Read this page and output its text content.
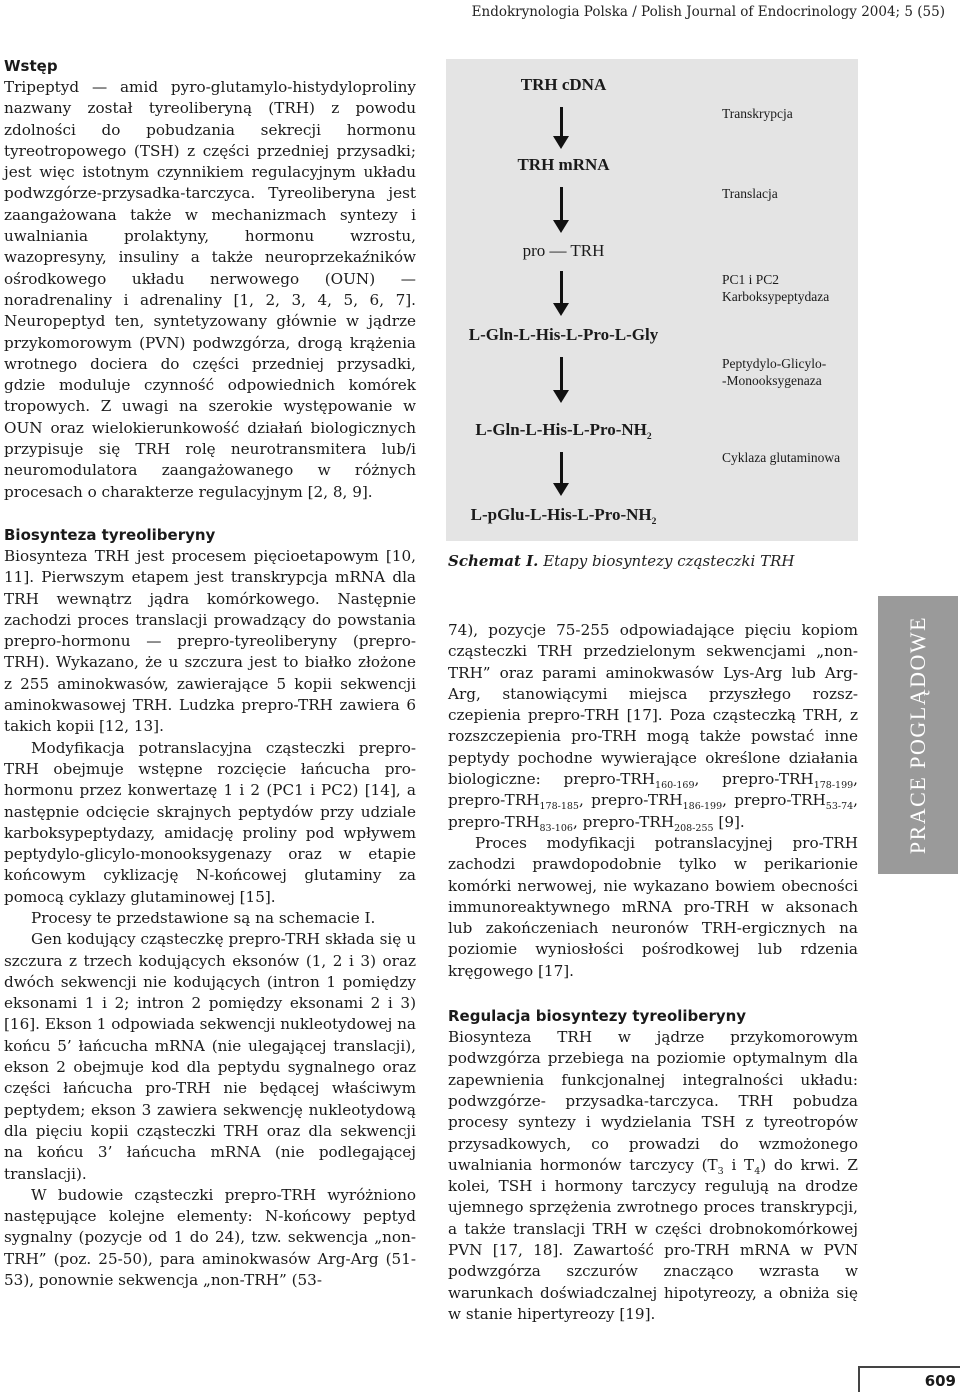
Endokrynologia Polska / Polish Journal of Endocrinology 2004; 5 (55)
Wstęp

Tripeptyd — amid pyro-glutamylo-histydyloproliny nazwany został tyreoliberyną (TRH) z powodu zdolności do pobudzania sekrecji hormonu tyreotropowego (TSH) z części przedniej przysadki; jest więc istotnym czynnikiem regulacyjnym układu podwzgórze-przysadka-tarczyca. Tyreoliberyna jest zaangażowana także w mechanizmach syntezy i uwalniania prolaktyny, hormonu wzrostu, wazopresyny, insuliny a także neuroprzekaźników ośrodkowego układu nerwowego (OUN) — noradrenaliny i adrenaliny [1, 2, 3, 4, 5, 6, 7]. Neuropeptyd ten, syntetyzowany głównie w jądrze przykomorowym (PVN) podwzgórza, drogą krążenia wrotnego dociera do części przedniej przysadki, gdzie moduluje czynność odpowiednich komórek tropowych. Z uwagi na szerokie występowanie w OUN oraz wielokierunkowość działań biologicznych przypisuje się TRH rolę neurotransmitera lub/i neuromodulatora zaangażowanego w różnych procesach o charakterze regulacyjnym [2, 8, 9].

Biosynteza tyreoliberyny

Biosynteza TRH jest procesem pięcioetapowym [10, 11]. Pierwszym etapem jest transkrypcja mRNA dla TRH wewnątrz jądra komórkowego. Następnie zachodzi proces translacji prowadzący do powstania prepro-hormonu — prepro-tyreoliberyny (prepro-TRH). Wykazano, że u szczura jest to białko złożone z 255 aminokwasów, zawierające 5 kopii sekwencji aminokwasowej TRH. Ludzka prepro-TRH zawiera 6 takich kopii [12, 13].

Modyfikacja potranslacyjna cząsteczki prepro-TRH obejmuje wstępne rozcięcie łańcucha prohormonu przez konwertazę 1 i 2 (PC1 i PC2) [14], a następnie odcięcie skrajnych peptydów przy udziale karboksypeptydazy, amidację proliny pod wpływem peptydylo-glicylo-monooksygenazy oraz w etapie końcowym cyklizację N-końcowej glutaminy za pomocą cyklazy glutaminowej [15].

Procesy te przedstawione są na schemacie I.

Gen kodujący cząsteczkę prepro-TRH składa się u szczura z trzech kodujących eksonów (1, 2 i 3) oraz dwóch sekwencji nie kodujących (intron 1 pomiędzy eksonami 1 i 2; intron 2 pomiędzy eksonami 2 i 3) [16]. Ekson 1 odpowiada sekwencji nukleotydowej na końcu 5’ łańcucha mRNA (nie ulegającej translacji), ekson 2 obejmuje kod dla peptydu sygnalnego oraz części łańcucha pro-TRH nie będącej właściwym peptydem; ekson 3 zawiera sekwencję nukleotydową dla pięciu kopii cząsteczki TRH oraz dla sekwencji na końcu 3’ łańcucha mRNA (nie podlegającej translacji).

W budowie cząsteczki prepro-TRH wyróżniono następujące kolejne elementy: N-końcowy peptyd sygnalny (pozycje od 1 do 24), tzw. sekwencja „non-TRH” (poz. 25-50), para aminokwasów Arg-Arg (51-53), ponownie sekwencja „non-TRH” (53-

TRH cDNA
TRH mRNA
pro — TRH
L-Gln-L-His-L-Pro-L-Gly
$L-Gln-L-His-L-Pro-NH_2$
$L-pGlu-L-His-L-Pro-NH_2$
Transkrypcja
Translacja
PC1 i PC2
Karboksypeptydaza
Peptydylo-Glicylo-
-Monooksygenaza
Cyklaza glutaminowa
Schemat I. Etapy biosyntezy cząsteczki TRH

74), pozycje 75-255 odpowiadające pięciu kopiom cząsteczki TRH przedzielonym sekwencjami „non-TRH” oraz parami aminokwasów Lys-Arg lub Arg-Arg, stanowiącymi miejsca przyszłego rozszczepienia prepro-TRH [17]. Poza cząsteczką TRH, z rozszczepienia pro-TRH mogą także powstać inne peptydy pochodne wywierające określone działania biologiczne: prepro-$TRH_{160-169}$, prepro-$TRH_{178-199}$, prepro-$TRH_{178-185}$, prepro-$TRH_{186-199}$, prepro-$TRH_{53-74}$, prepro-$TRH_{83-106}$, prepro-$TRH_{208-255}$ [9].

Proces modyfikacji potranslacyjnej pro-TRH zachodzi prawdopodobnie tylko w perikarionie komórki nerwowej, nie wykazano bowiem obecności immunoreaktywnego mRNA pro-TRH w aksonach lub zakończeniach neuronów TRH-ergicznych na poziomie wyniosłości pośrodkowej lub rdzenia kręgowego [17].

Regulacja biosyntezy tyreoliberyny

Biosynteza TRH w jądrze przykomorowym podwzgórza przebiega na poziomie optymalnym dla zapewnienia funkcjonalnej integralności układu: podwzgórze- przysadka-tarczyca. TRH pobudza procesy syntezy i wydzielania TSH z tyreotropów przysadkowych, co prowadzi do wzmożonego uwalniania hormonów tarczycy ($T_3$ i $T_4$) do krwi. Z kolei, TSH i hormony tarczycy regulują na drodze ujemnego sprzężenia zwrotnego proces transkrypcji, a także translacji TRH w części drobnokomórkowej PVN [17, 18]. Zawartość pro-TRH mRNA w PVN podwzgórza szczurów znacząco wzrasta w warunkach doświadczalnej hipotyreozy, a obniża się w stanie hipertyreozy [19].

PRACE POGLĄDOWE
609
